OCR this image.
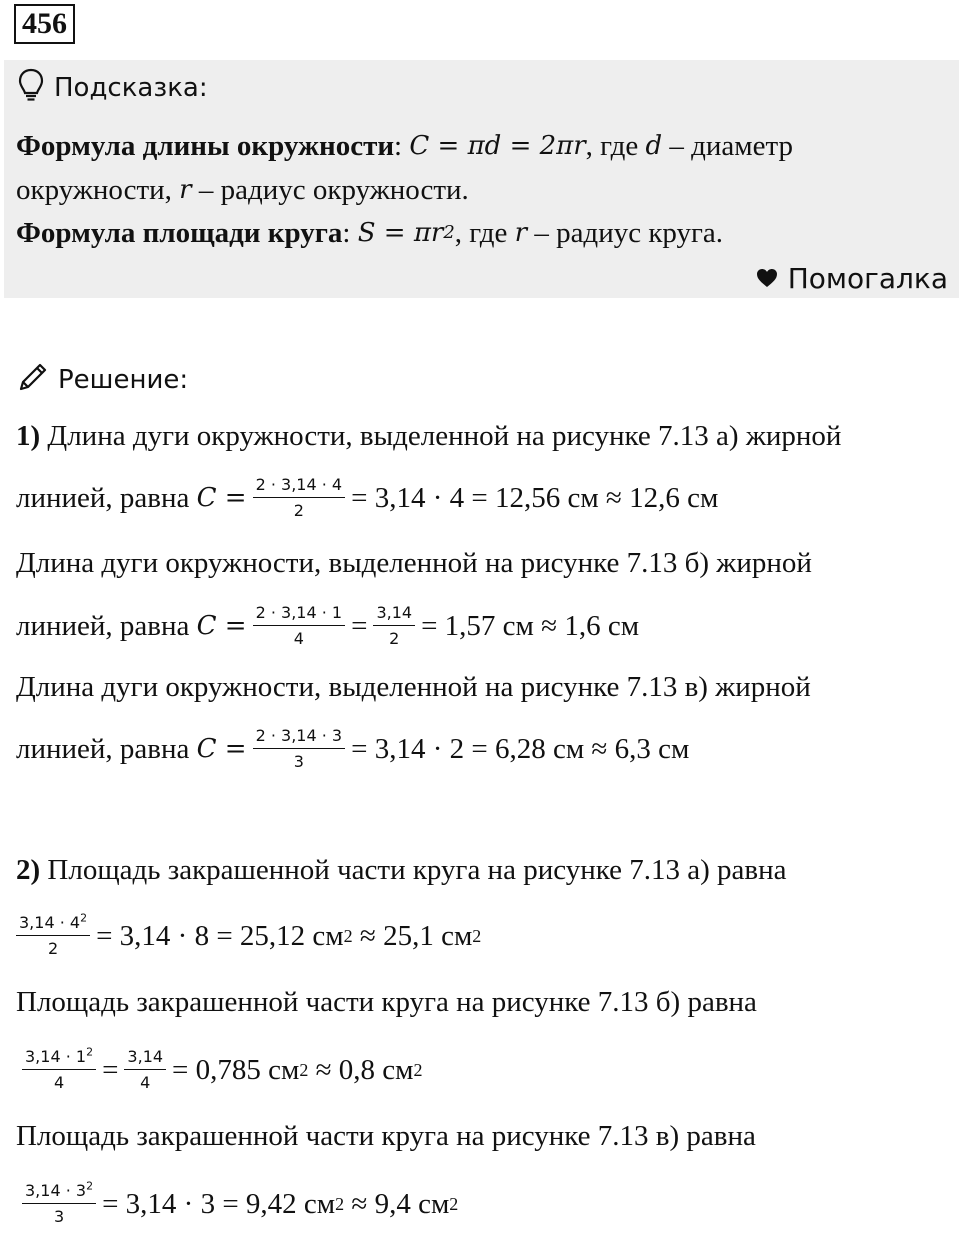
456
Подсказка:
Формула длины окружности : C = πd = 2πr , где
d
– диаметр
окружности,
r
– радиус окружности.
Формула площади круга : S = πr 2 , где
r
– радиус круга.
Помогалка
Решение:
1)
Длина дуги окружности, выделенной на рисунке 7.13 а) жирной
линией, равна
$C = \frac{2 \cdot 3,14 \cdot 4}{2} = 3,14 \cdot 4 = 12,56$ см ≈ 12,6 см
Длина дуги окружности, выделенной на рисунке 7.13 б) жирной
линией, равна
$C = \frac{2 \cdot 3,14 \cdot 1}{4} = \frac{3,14}{2} = 1,57$ см ≈ 1,6 см
Длина дуги окружности, выделенной на рисунке 7.13 в) жирной
линией, равна
$C = \frac{2 \cdot 3,14 \cdot 3}{3} = 3,14 \cdot 2 = 6,28$ см ≈ 6,3 см
2)
Площадь закрашенной части круга на рисунке 7.13 а) равна
$\frac{3,14 \cdot 4^2}{2} = 3,14 \cdot 8 = 25,12$ см 2
≈ 25,1 см 2
Площадь закрашенной части круга на рисунке 7.13 б) равна
$\frac{3,14 \cdot 1^2}{4} = \frac{3,14}{4} = 0,785$ см 2
≈ 0,8 см 2
Площадь закрашенной части круга на рисунке 7.13 в) равна
$\frac{3,14 \cdot 3^2}{3} = 3,14 \cdot 3 = 9,42$ см 2
≈ 9,4 см 2
